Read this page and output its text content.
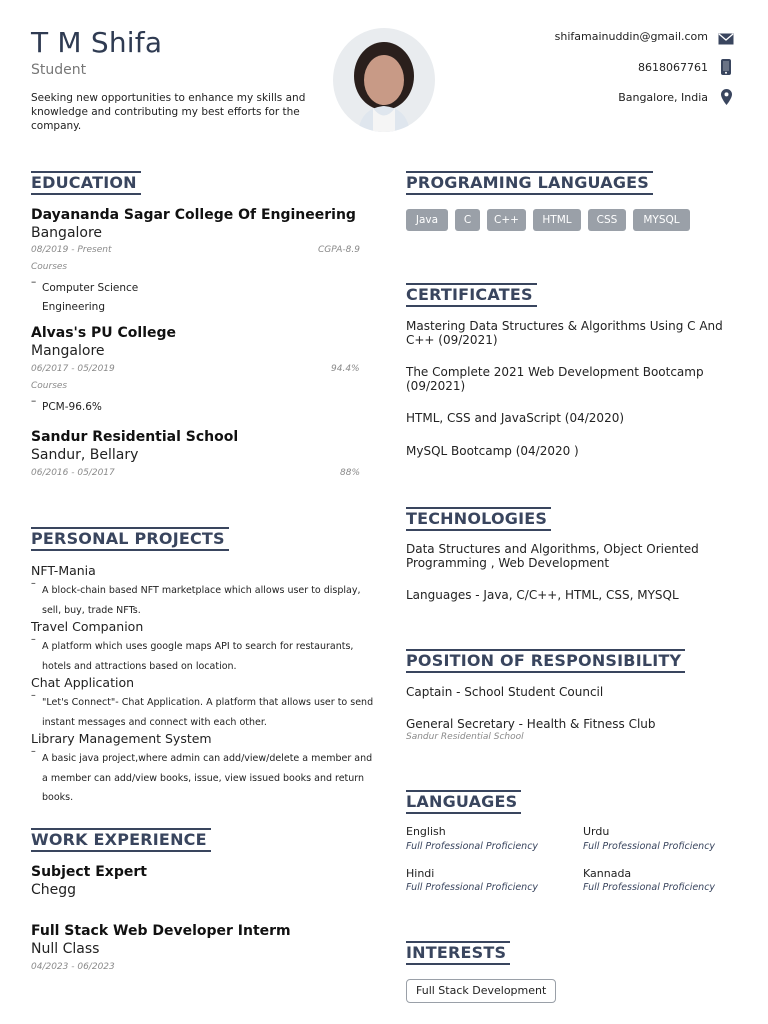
T M Shifa
Student
Seeking new opportunities to enhance my skills and knowledge and contributing my best efforts for the company.
shifamainuddin@gmail.com
8618067761
Bangalore, India
EDUCATION
Dayananda Sagar College Of Engineering
Bangalore
08/2019 - Present	CGPA-8.9
Courses
– Computer Science Engineering
Alvas's PU College
Mangalore
06/2017 - 05/2019	94.4%
Courses
– PCM-96.6%
Sandur Residential School
Sandur, Bellary
06/2016 - 05/2017	88%
PERSONAL PROJECTS
NFT-Mania
–
A block-chain based NFT marketplace which allows user to display, sell, buy, trade NFTs.
Travel Companion
–
A platform which uses google maps API to search for restaurants, hotels and attractions based on location.
Chat Application
–
"Let's Connect"- Chat Application. A platform that allows user to send instant messages and connect with each other.
Library Management System
–
A basic java project,where admin can add/view/delete a member and a member can add/view books, issue, view issued books and return books.
WORK EXPERIENCE
Subject Expert
Chegg
Full Stack Web Developer Interm
Null Class
04/2023 - 06/2023
PROGRAMING LANGUAGES
Java	C	C++	HTML	CSS	MYSQL
CERTIFICATES
Mastering Data Structures & Algorithms Using C And C++ (09/2021)
The Complete 2021 Web Development Bootcamp (09/2021)
HTML, CSS and JavaScript (04/2020)
MySQL Bootcamp (04/2020 )
TECHNOLOGIES
Data Structures and Algorithms, Object Oriented Programming , Web Development
Languages - Java, C/C++, HTML, CSS, MYSQL
POSITION OF RESPONSIBILITY
Captain - School Student Council
General Secretary - Health & Fitness Club
Sandur Residential School
LANGUAGES
English
Full Professional Proficiency
Urdu
Full Professional Proficiency
Hindi
Full Professional Proficiency
Kannada
Full Professional Proficiency
INTERESTS
Full Stack Development
